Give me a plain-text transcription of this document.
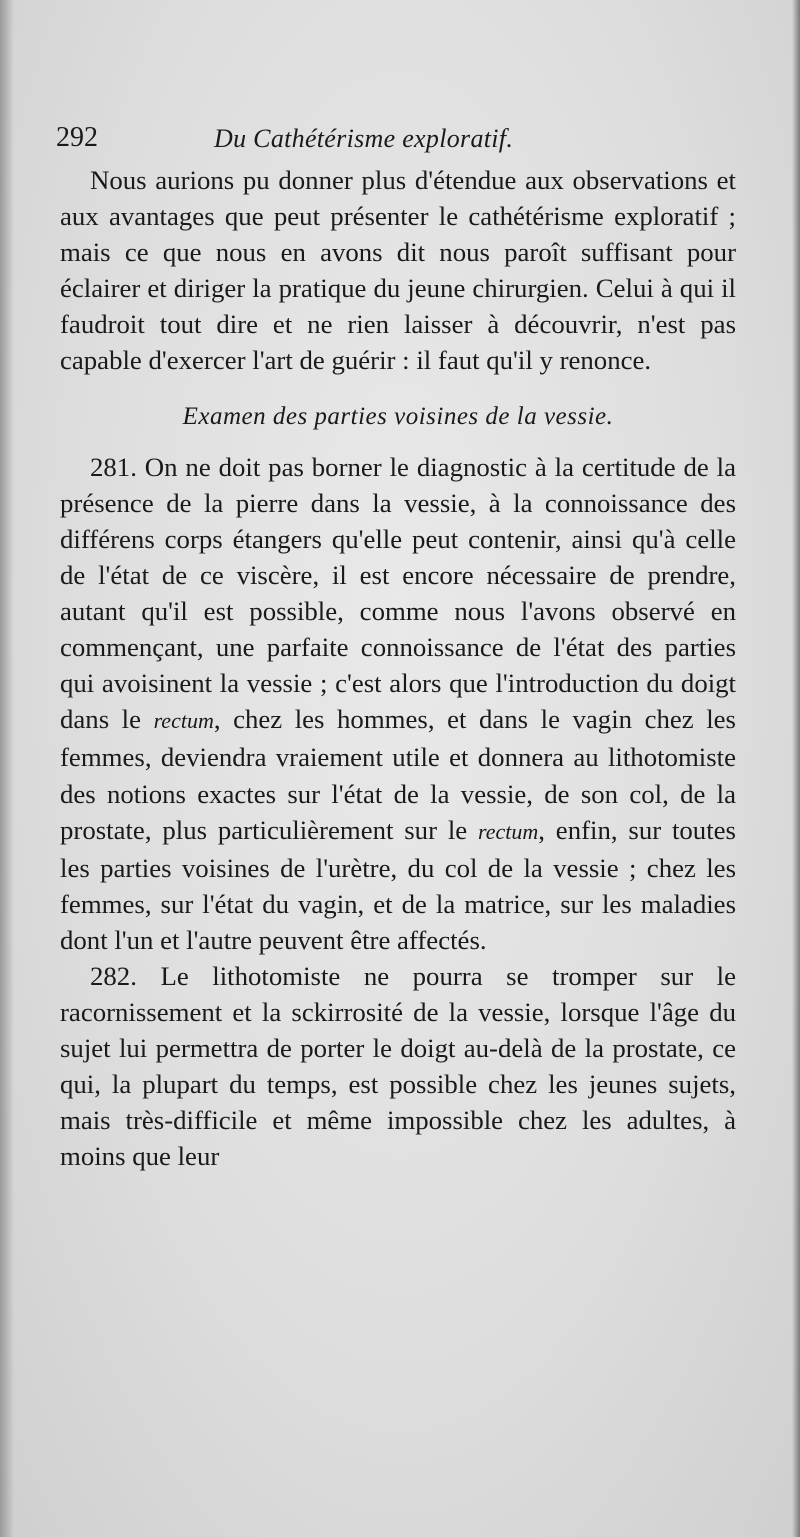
292	Du Cathétérisme exploratif.

Nous aurions pu donner plus d'étendue aux observations et aux avantages que peut présenter le cathétérisme exploratif ; mais ce que nous en avons dit nous paroît suffisant pour éclairer et diriger la pratique du jeune chirurgien. Celui à qui il faudroit tout dire et ne rien laisser à découvrir, n'est pas capable d'exercer l'art de guérir : il faut qu'il y renonce.

Examen des parties voisines de la vessie.

281. On ne doit pas borner le diagnostic à la certitude de la présence de la pierre dans la vessie, à la connoissance des différens corps étangers qu'elle peut contenir, ainsi qu'à celle de l'état de ce viscère, il est encore nécessaire de prendre, autant qu'il est possible, comme nous l'avons observé en commençant, une parfaite connoissance de l'état des parties qui avoisinent la vessie ; c'est alors que l'introduction du doigt dans le rectum, chez les hommes, et dans le vagin chez les femmes, deviendra vraiement utile et donnera au lithotomiste des notions exactes sur l'état de la vessie, de son col, de la prostate, plus particulièrement sur le rectum, enfin, sur toutes les parties voisines de l'urètre, du col de la vessie ; chez les femmes, sur l'état du vagin, et de la matrice, sur les maladies dont l'un et l'autre peuvent être affectés.

282. Le lithotomiste ne pourra se tromper sur le racornissement et la sckirrosité de la vessie, lorsque l'âge du sujet lui permettra de porter le doigt au-delà de la prostate, ce qui, la plupart du temps, est possible chez les jeunes sujets, mais très-difficile et même impossible chez les adultes, à moins que leur
